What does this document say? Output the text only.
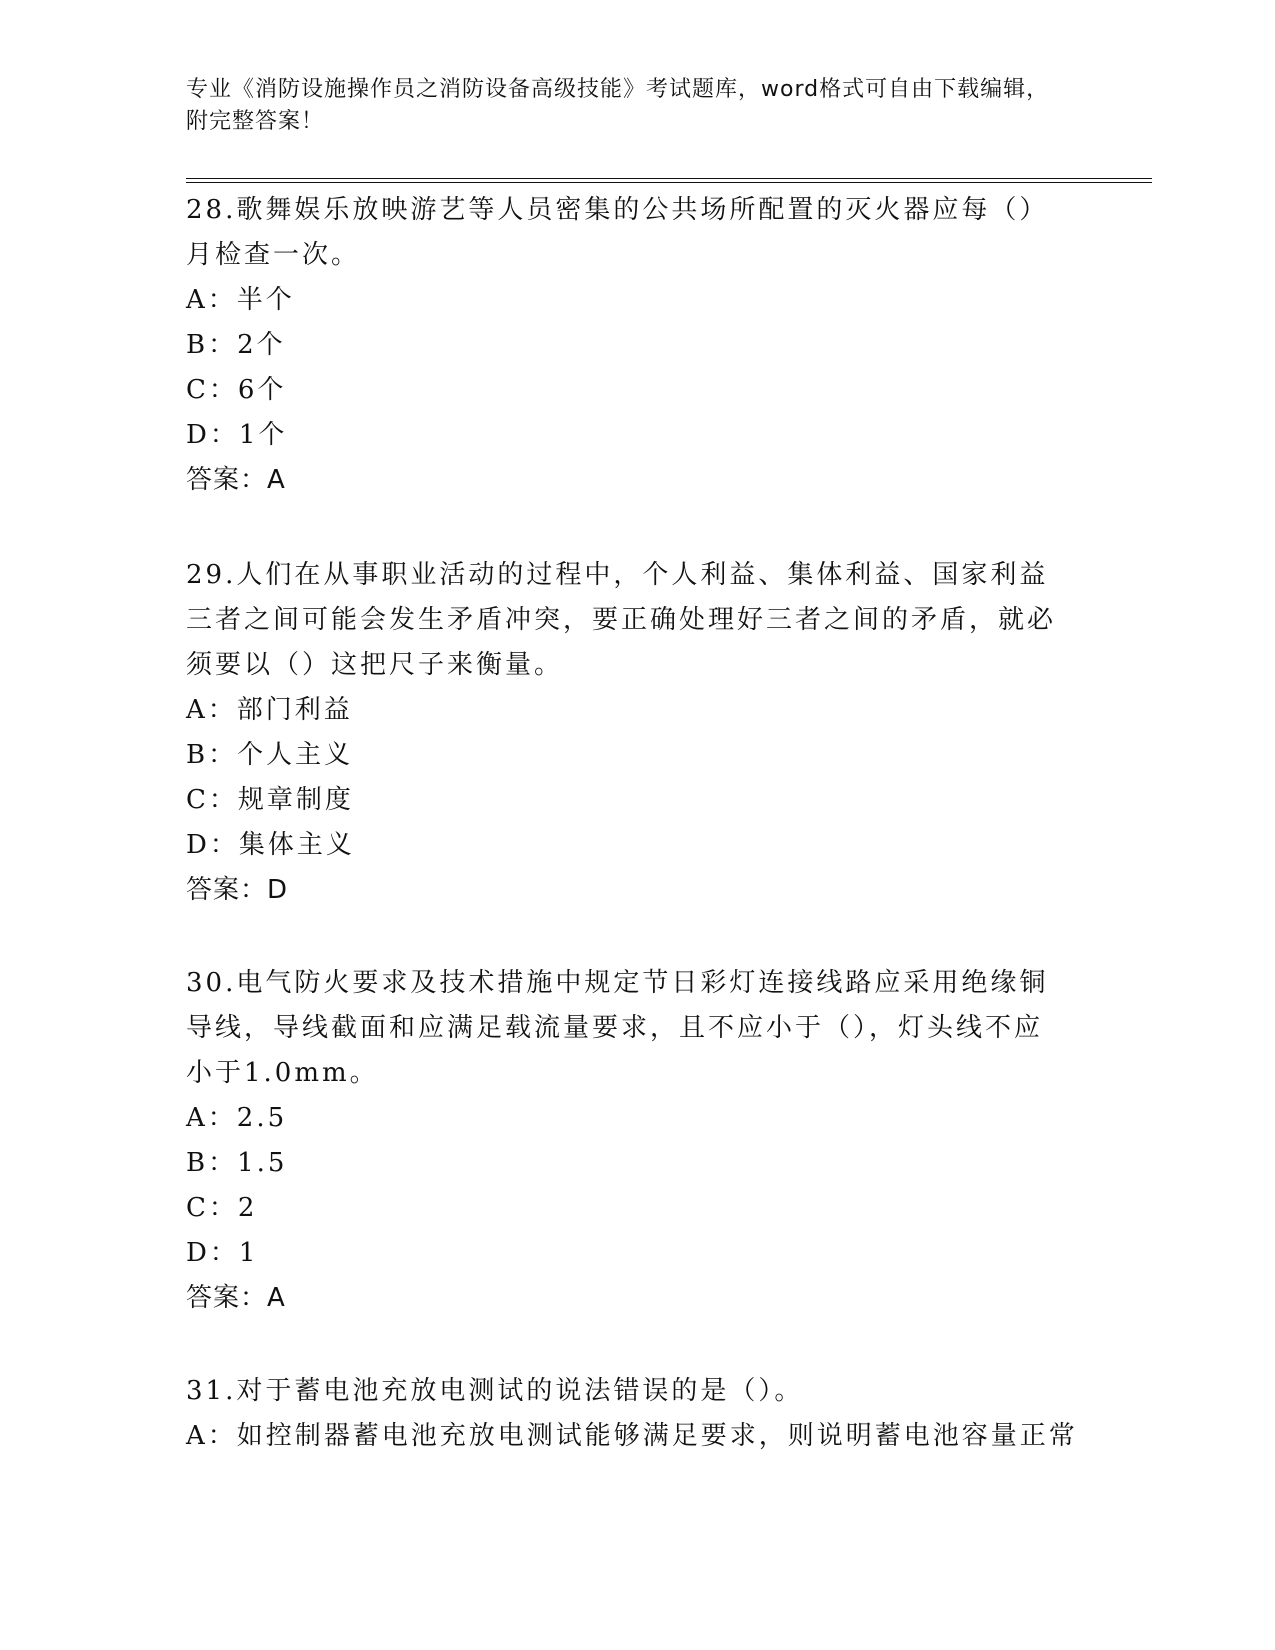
专业《消防设施操作员之消防设备高级技能》考试题库，word格式可自由下载编辑，附完整答案！

28.歌舞娱乐放映游艺等人员密集的公共场所配置的灭火器应每（）月检查一次。

A：半个

B：2个

C：6个

D：1个

答案：A

29.人们在从事职业活动的过程中，个人利益、集体利益、国家利益三者之间可能会发生矛盾冲突，要正确处理好三者之间的矛盾，就必须要以（）这把尺子来衡量。

A：部门利益

B：个人主义

C：规章制度

D：集体主义

答案：D

30.电气防火要求及技术措施中规定节日彩灯连接线路应采用绝缘铜导线，导线截面和应满足载流量要求，且不应小于（），灯头线不应小于1.0mm。

A：2.5

B：1.5

C：2

D：1

答案：A

31.对于蓄电池充放电测试的说法错误的是（）。

A：如控制器蓄电池充放电测试能够满足要求，则说明蓄电池容量正常
